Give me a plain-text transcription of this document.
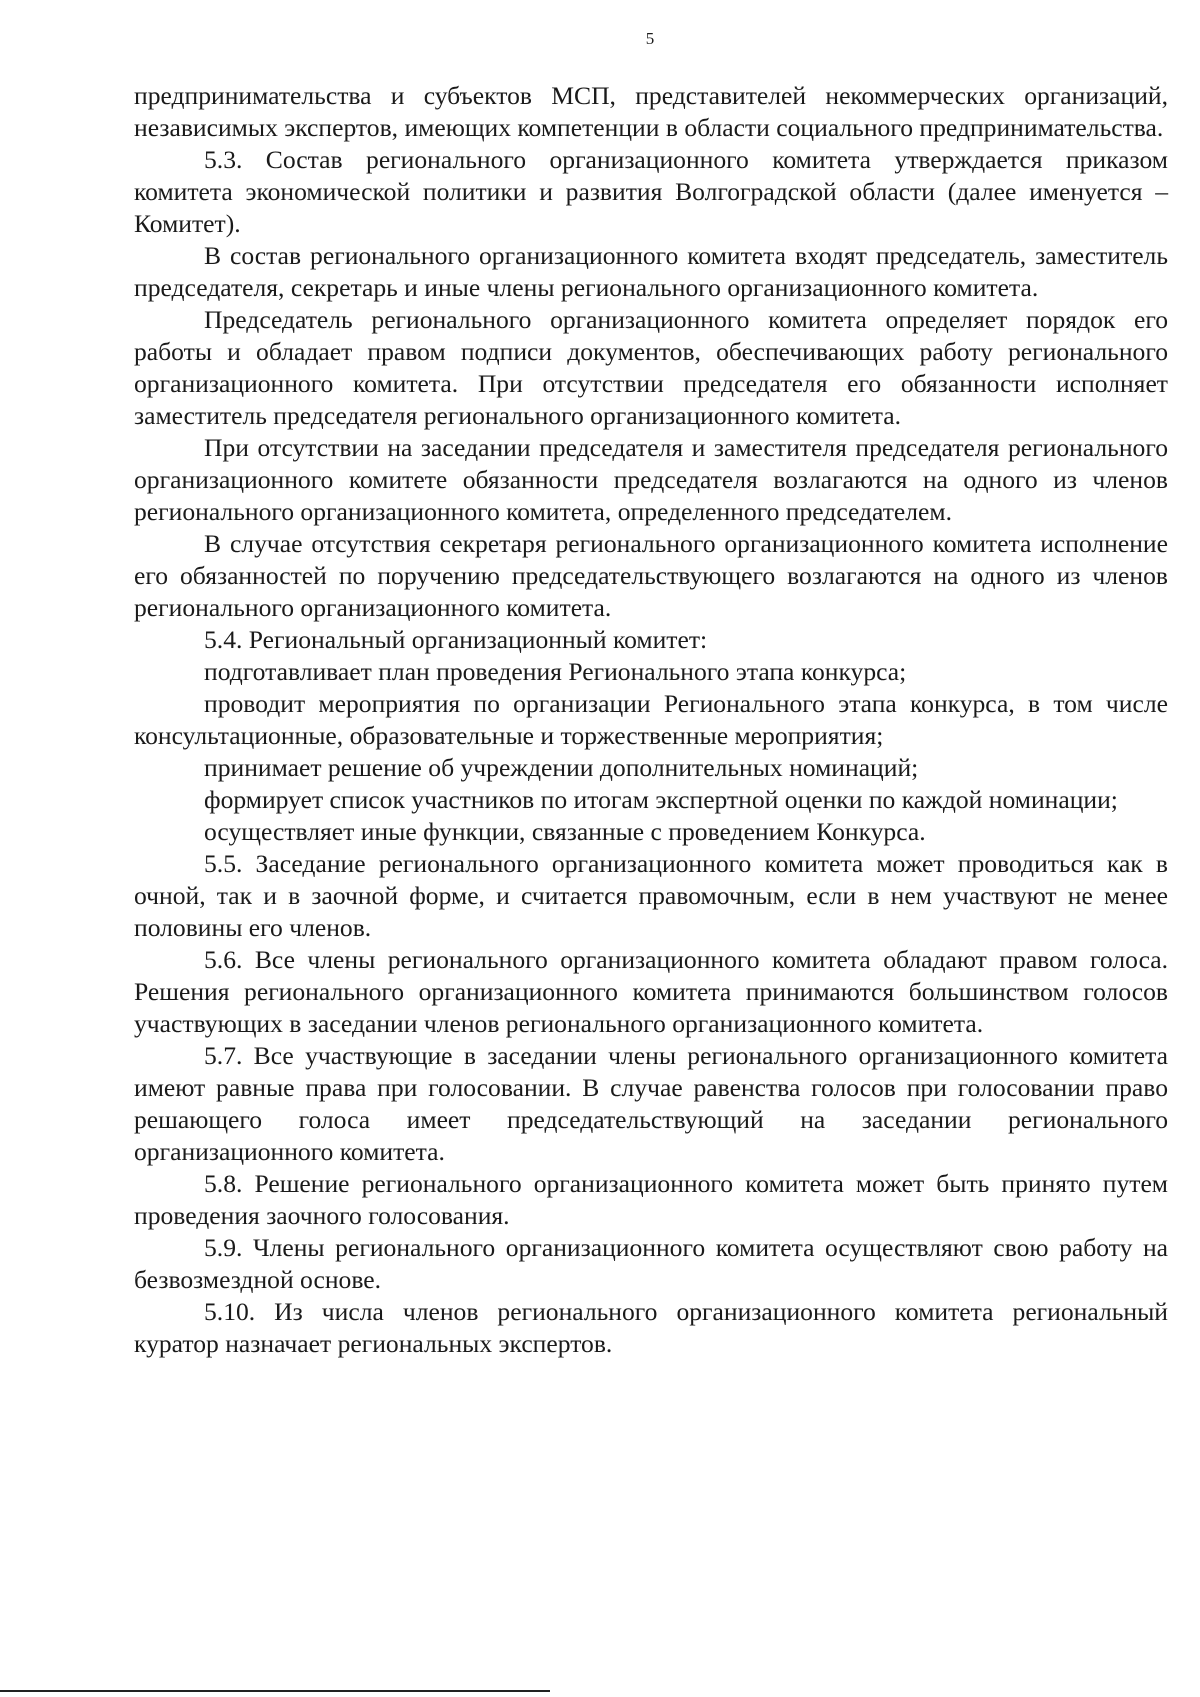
5

предпринимательства и субъектов МСП, представителей некоммерческих организаций, независимых экспертов, имеющих компетенции в области социального предпринимательства.

5.3. Состав регионального организационного комитета утверждается приказом комитета экономической политики и развития Волгоградской области (далее именуется – Комитет).

В состав регионального организационного комитета входят председатель, заместитель председателя, секретарь и иные члены регионального организационного комитета.

Председатель регионального организационного комитета определяет порядок его работы и обладает правом подписи документов, обеспечивающих работу регионального организационного комитета. При отсутствии председателя его обязанности исполняет заместитель председателя регионального организационного комитета.

При отсутствии на заседании председателя и заместителя председателя регионального организационного комитете обязанности председателя возлагаются на одного из членов регионального организационного комитета, определенного председателем.

В случае отсутствия секретаря регионального организационного комитета исполнение его обязанностей по поручению председательствующего возлагаются на одного из членов регионального организационного комитета.

5.4. Региональный организационный комитет:

подготавливает план проведения Регионального этапа конкурса;

проводит мероприятия по организации Регионального этапа конкурса, в том числе консультационные, образовательные и торжественные мероприятия;

принимает решение об учреждении дополнительных номинаций;

формирует список участников по итогам экспертной оценки по каждой номинации;

осуществляет иные функции, связанные с проведением Конкурса.

5.5. Заседание регионального организационного комитета может проводиться как в очной, так и в заочной форме, и считается правомочным, если в нем участвуют не менее половины его членов.

5.6. Все члены регионального организационного комитета обладают правом голоса. Решения регионального организационного комитета принимаются большинством голосов участвующих в заседании членов регионального организационного комитета.

5.7. Все участвующие в заседании члены регионального организационного комитета имеют равные права при голосовании. В случае равенства голосов при голосовании право решающего голоса имеет председательствующий на заседании регионального организационного комитета.

5.8. Решение регионального организационного комитета может быть принято путем проведения заочного голосования.

5.9. Члены регионального организационного комитета осуществляют свою работу на безвозмездной основе.

5.10. Из числа членов регионального организационного комитета региональный куратор назначает региональных экспертов.
